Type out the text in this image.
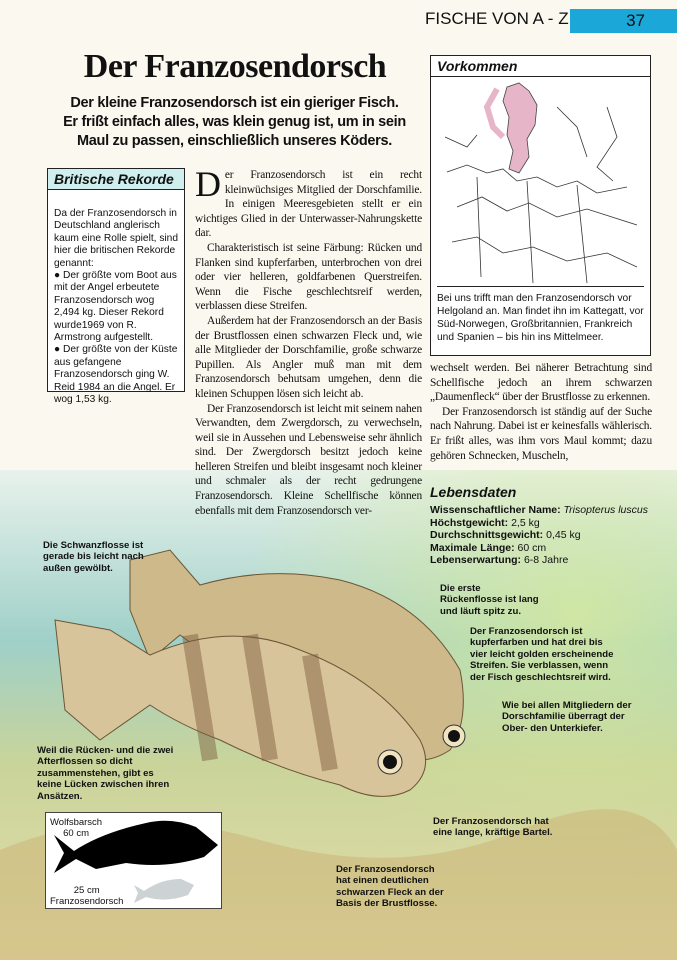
FISCHE VON A - Z	37
Der Franzosendorsch
Der kleine Franzosendorsch ist ein gieriger Fisch.
Er frißt einfach alles, was klein genug ist, um in sein
Maul zu passen, einschließlich unseres Köders.
Vorkommen
Bei uns trifft man den Franzosendorsch vor Helgoland an. Man findet ihn im Kattegatt, vor Süd-Norwegen, Großbritannien, Frankreich und Spanien – bis hin ins Mittelmeer.
Britische Rekorde
Da der Franzosendorsch in Deutschland anglerisch kaum eine Rolle spielt, sind hier die britischen Rekorde genannt:
● Der größte vom Boot aus mit der Angel erbeutete Franzosendorsch wog 2,494 kg. Dieser Rekord wurde1969 von R. Armstrong aufgestellt.
● Der größte von der Küste aus gefangene Franzosendorsch ging W. Reid 1984 an die Angel. Er wog 1,53 kg.

Der Franzosendorsch ist ein recht kleinwüchsiges Mitglied der Dorschfamilie. In einigen Meeresgebieten stellt er ein wichtiges Glied in der Unterwasser-Nahrungskette dar.

Charakteristisch ist seine Färbung: Rücken und Flanken sind kupferfarben, unterbrochen von drei oder vier helleren, goldfarbenen Querstreifen. Wenn die Fische geschlechtsreif werden, verblassen diese Streifen.

Außerdem hat der Franzosendorsch an der Basis der Brustflossen einen schwarzen Fleck und, wie alle Mitglieder der Dorschfamilie, große schwarze Pupillen. Als Angler muß man mit dem Franzosendorsch behutsam umgehen, denn die kleinen Schuppen lösen sich leicht ab.

Der Franzosendorsch ist leicht mit seinem nahen Verwandten, dem Zwergdorsch, zu verwechseln, weil sie in Aussehen und Lebensweise sehr ähnlich sind. Der Zwergdorsch besitzt jedoch keine helleren Streifen und bleibt insgesamt noch kleiner und schmaler als der recht gedrungene Franzosendorsch. Kleine Schellfische können ebenfalls mit dem Franzosendorsch ver-

wechselt werden. Bei näherer Betrachtung sind Schellfische jedoch an ihrem schwarzen „Daumenfleck“ über der Brustflosse zu erkennen.

Der Franzosendorsch ist ständig auf der Suche nach Nahrung. Dabei ist er keinesfalls wählerisch. Er frißt alles, was ihm vors Maul kommt; dazu gehören Schnecken, Muscheln,

Die Schwanzflosse ist gerade bis leicht nach außen gewölbt.
Die erste Rückenflosse ist lang und läuft spitz zu.
Der Franzosendorsch ist kupferfarben und hat drei bis vier leicht golden erscheinende Streifen. Sie verblassen, wenn der Fisch geschlechtsreif wird.
Wie bei allen Mitgliedern der Dorschfamilie überragt der Ober- den Unterkiefer.
Weil die Rücken- und die zwei Afterflossen so dicht zusammenstehen, gibt es keine Lücken zwischen ihren Ansätzen.
Der Franzosendorsch hat eine lange, kräftige Bartel.
Der Franzosendorsch hat einen deutlichen schwarzen Fleck an der Basis der Brustflosse.
Lebensdaten
Wissenschaftlicher Name: Trisopterus luscus
Höchstgewicht: 2,5 kg
Durchschnittsgewicht: 0,45 kg
Maximale Länge: 60 cm
Lebenserwartung: 6-8 Jahre
Wolfsbarsch
60 cm
25 cm
Franzosendorsch
